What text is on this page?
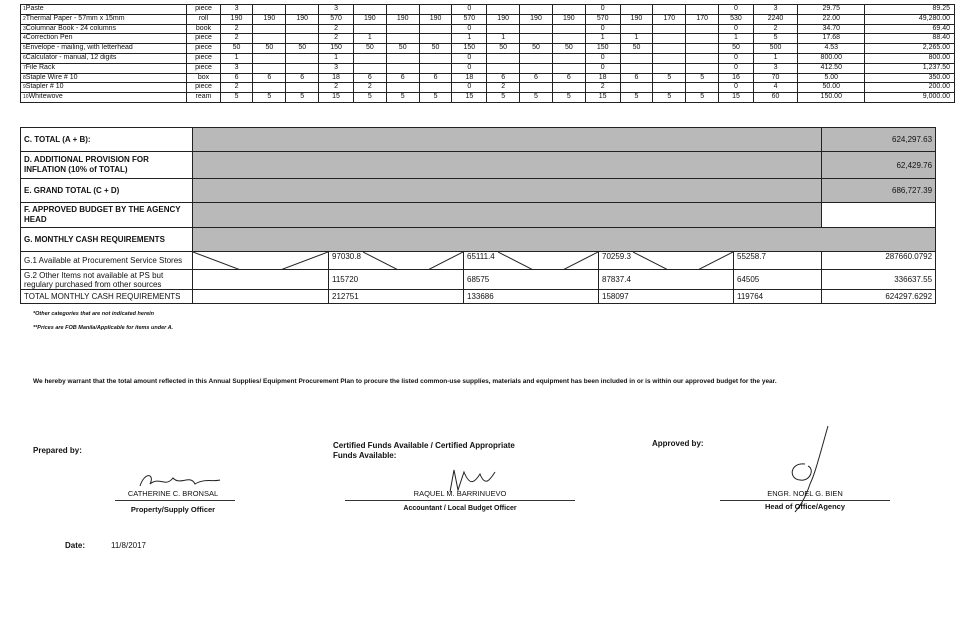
1Paste	piece	3			3				0				0				0	3	29.75	89.25
2Thermal Paper - 57mm x 15mm	roll	190	190	190	570	190	190	190	570	190	190	190	570	190	170	170	530	2240	22.00	49,280.00
3Columnar Book - 24 columns	book	2			2				0				0				0	2	34.70	69.40
4Correction Pen	piece	2			2	1			1	1			1	1			1	5	17.68	88.40
5Envelope - mailing, with letterhead	piece	50	50	50	150	50	50	50	150	50	50	50	150	50			50	500	4.53	2,265.00
6Calculator - manual, 12 digits	piece	1			1				0				0				0	1	800.00	800.00
7File Rack	piece	3			3				0				0				0	3	412.50	1,237.50
8Staple Wire # 10	box	6	6	6	18	6	6	6	18	6	6	6	18	6	5	5	16	70	5.00	350.00
9Stapler # 10	piece	2			2	2			0	2			2				0	4	50.00	200.00
10Whitewove	ream	5	5	5	15	5	5	5	15	5	5	5	15	5	5	5	15	60	150.00	9,000.00
C. TOTAL (A + B):						624,297.63
D. ADDITIONAL PROVISION FOR INFLATION (10% of TOTAL)						62,429.76
E. GRAND TOTAL (C + D)						686,727.39
F. APPROVED BUDGET BY THE AGENCY HEAD						
G. MONTHLY CASH REQUIREMENTS						
G.1 Available at Procurement Service Stores		97030.8	65111.4	70259.3	55258.7	287660.0792
G.2 Other Items not available at PS but regulary purchased from other sources		115720	68575	87837.4	64505	336637.55
TOTAL MONTHLY CASH REQUIREMENTS		212751	133686	158097	119764	624297.6292
*Other categories that are not indicated herein
**Prices are FOB Manila/Applicable for items under A.
We hereby warrant that the total amount reflected in this Annual Supplies/ Equipment Procurement Plan to procure the listed common-use supplies, materials and equipment has been included in or is within our approved budget for the year.
Prepared by:
Certified Funds Available / Certified Appropriate Funds Available:
Approved by:
CATHERINE C. BRONSAL
Property/Supply Officer
RAQUEL M. BARRINUEVO
Accountant / Local Budget Officer
ENGR. NOEL G. BIEN
Head of Office/Agency
Date:	11/8/2017
